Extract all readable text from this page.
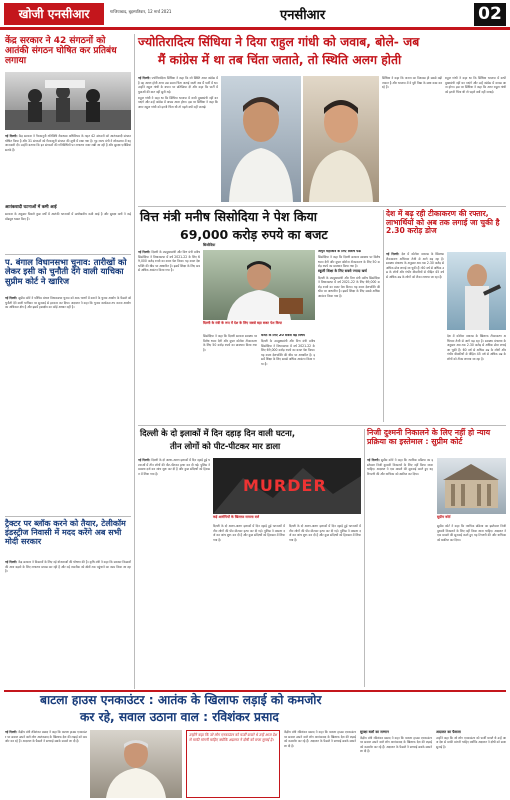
खोजी एनसीआर	गाजियाबाद, बृहस्पतिवार, 12 मार्च 2021	एनसीआर	02
केंद्र सरकार ने 42 संगठनों को आतंकी संगठन घोषित कर प्रतिबंध लगाया

नई दिल्ली। केंद्र सरकार ने गैरकानूनी गतिविधि रोकथाम अधिनियम के तहत 42 संगठनों को आतंकवादी संगठन घोषित किया है और 31 संगठनों को गैरकानूनी संगठन की सूची में रखा गया है। गृह राज्य मंत्री ने लोकसभा में यह जानकारी दी। उन्होंने बताया कि इन संगठनों की गतिविधियों पर लगातार नजर रखी जा रही है और सुरक्षा एजेंसियां सतर्क हैं।

आतंकवादी घटनाओं में कमी आई
सरकार के अनुसार पिछले कुछ वर्षों में आतंकी घटनाओं में उल्लेखनीय कमी आई है और सुरक्षा बलों ने कई मॉड्यूल ध्वस्त किए हैं।
प. बंगाल विधानसभा चुनाव: तारीखों को लेकर इसी को चुनौती देंगे वाली याचिका सुप्रीम कोर्ट ने खारिज

नई दिल्ली। सुप्रीम कोर्ट ने पश्चिम बंगाल विधानसभा चुनाव को आठ चरणों में कराने के चुनाव आयोग के फैसले को चुनौती देने वाली याचिका पर सुनवाई से इनकार कर दिया। अदालत ने कहा कि चुनाव कार्यक्रम तय करना आयोग का अधिकार क्षेत्र है और इसमें हस्तक्षेप का कोई आधार नहीं है।

ट्रैक्टर पर ब्लॉक करने को तैयार, टेलीकॉम इंडस्ट्रीज निवासी में मदद करेंगे अब सभी मोदी सरकार

नई दिल्ली। केंद्र सरकार ने किसानों के लिए नई योजनाओं की घोषणा की है। कृषि मंत्री ने कहा कि सरकार किसानों की आय बढ़ाने के लिए लगातार प्रयास कर रही है और नई तकनीक को खेतों तक पहुंचाने का काम किया जा रहा है।

ज्योतिरादित्य सिंधिया ने दिया राहुल गांधी को जवाब, बोले- जब
मैं कांग्रेस में था तब चिंता जताते, तो स्थिति अलग होती

नई दिल्ली। ज्योतिरादित्य सिंधिया ने कहा कि जो स्थिति आज कांग्रेस में है वह अलग होती अगर उस समय चिंता जताई जाती जब मैं पार्टी में था। उन्होंने राहुल गांधी के बयान पर प्रतिक्रिया दी और कहा कि पार्टी में युवाओं की बात नहीं सुनी गई।

राहुल गांधी ने कहा था कि सिंधिया भाजपा में कभी मुख्यमंत्री नहीं बन पाएंगे और उन्हें कांग्रेस में वापस आना होगा। इस पर सिंधिया ने कहा कि अगर राहुल गांधी को इतनी चिंता थी तो पहले क्यों नहीं जताई।

सिंधिया ने कहा कि जनता का विश्वास ही सबसे बड़ी ताकत है और भाजपा में वे पूरी निष्ठा के साथ काम कर रहे हैं।
राहुल गांधी ने कहा था कि सिंधिया भाजपा में कभी मुख्यमंत्री नहीं बन पाएंगे और उन्हें कांग्रेस में वापस आना होगा। इस पर सिंधिया ने कहा कि अगर राहुल गांधी को इतनी चिंता थी तो पहले क्यों नहीं जताई।
वित्त मंत्री मनीष सिसोदिया ने पेश किया
69,000 करोड़ रुपये का बजट

नई दिल्ली। दिल्ली के उपमुख्यमंत्री और वित्त मंत्री मनीष सिसोदिया ने विधानसभा में वर्ष 2021-22 के लिए 69,000 करोड़ रुपये का बजट पेश किया। यह बजट देशभक्ति की थीम पर आधारित है। इसमें शिक्षा के लिए सबसे अधिक आवंटन किया गया है।

सिसोदिया
दिल्ली के मंत्री के रूप में देश के लिए सबसे बड़ा बजट पेश किया
सिसोदिया ने कहा कि दिल्ली सरकार स्वास्थ्य पर विशेष ध्यान देगी और मुफ्त कोरोना टीकाकरण के लिए 50 करोड़ रुपये का प्रावधान किया गया है।

बजट के लिए 20 सबसे बड़े विषय

दिल्ली के उपमुख्यमंत्री और वित्त मंत्री मनीष सिसोदिया ने विधानसभा में वर्ष 2021-22 के लिए 69,000 करोड़ रुपये का बजट पेश किया। यह बजट देशभक्ति की थीम पर आधारित है। इसमें शिक्षा के लिए सबसे अधिक आवंटन किया गया है।

अमृत महोत्सव के लिए विशेष फंड

सिसोदिया ने कहा कि दिल्ली सरकार स्वास्थ्य पर विशेष ध्यान देगी और मुफ्त कोरोना टीकाकरण के लिए 50 करोड़ रुपये का प्रावधान किया गया है।

स्कूली शिक्षा के लिए सबसे ज्यादा खर्च

दिल्ली के उपमुख्यमंत्री और वित्त मंत्री मनीष सिसोदिया ने विधानसभा में वर्ष 2021-22 के लिए 69,000 करोड़ रुपये का बजट पेश किया। यह बजट देशभक्ति की थीम पर आधारित है। इसमें शिक्षा के लिए सबसे अधिक आवंटन किया गया है।

देश में बढ़ रही टीकाकरण की रफ्तार, लाभार्थियों को अब तक लगाई जा चुकी है 2.30 करोड़ डोज

नई दिल्ली। देश में कोरोना वायरस के खिलाफ टीकाकरण अभियान तेजी से आगे बढ़ रहा है। स्वास्थ्य मंत्रालय के अनुसार अब तक 2.30 करोड़ से अधिक डोज लगाई जा चुकी हैं। 60 वर्ष से अधिक उम्र के लोगों और गंभीर बीमारियों से पीड़ित 45 वर्ष से अधिक उम्र के लोगों को टीका लगाया जा रहा है।

देश में कोरोना वायरस के खिलाफ टीकाकरण अभियान तेजी से आगे बढ़ रहा है। स्वास्थ्य मंत्रालय के अनुसार अब तक 2.30 करोड़ से अधिक डोज लगाई जा चुकी हैं। 60 वर्ष से अधिक उम्र के लोगों और गंभीर बीमारियों से पीड़ित 45 वर्ष से अधिक उम्र के लोगों को टीका लगाया जा रहा है।
दिल्ली के दो इलाकों में दिन दहाड़ दिन वाली घटना,
तीन लोगों को पीट-पीटकर मार डाला

नई दिल्ली। दिल्ली के दो अलग-अलग इलाकों में दिन दहाड़े हुई घटनाओं में तीन लोगों की पीट-पीटकर हत्या कर दी गई। पुलिस ने मामला दर्ज कर जांच शुरू कर दी है और कुछ संदिग्धों को हिरासत में लिया गया है।

MURDER
कई आरोपियों के खिलाफ मामला दर्ज
दिल्ली के दो अलग-अलग इलाकों में दिन दहाड़े हुई घटनाओं में तीन लोगों की पीट-पीटकर हत्या कर दी गई। पुलिस ने मामला दर्ज कर जांच शुरू कर दी है और कुछ संदिग्धों को हिरासत में लिया गया है।
दिल्ली के दो अलग-अलग इलाकों में दिन दहाड़े हुई घटनाओं में तीन लोगों की पीट-पीटकर हत्या कर दी गई। पुलिस ने मामला दर्ज कर जांच शुरू कर दी है और कुछ संदिग्धों को हिरासत में लिया गया है।
निजी दुश्मनी निकालने के लिए नहीं हो न्याय प्रक्रिया का इस्तेमाल : सुप्रीम कोर्ट

नई दिल्ली। सुप्रीम कोर्ट ने कहा कि न्यायिक प्रक्रिया का इस्तेमाल निजी दुश्मनी निकालने के लिए नहीं किया जाना चाहिए। अदालत ने एक मामले की सुनवाई करते हुए यह टिप्पणी की और याचिका को खारिज कर दिया।

सुप्रीम कोर्ट
सुप्रीम कोर्ट ने कहा कि न्यायिक प्रक्रिया का इस्तेमाल निजी दुश्मनी निकालने के लिए नहीं किया जाना चाहिए। अदालत ने एक मामले की सुनवाई करते हुए यह टिप्पणी की और याचिका को खारिज कर दिया।
बाटला हाउस एनकाउंटर : आतंक के खिलाफ लड़ाई को कमजोर
कर रहे, सवाल उठाना वाल : रविशंकर प्रसाद

नई दिल्ली। केंद्रीय मंत्री रविशंकर प्रसाद ने कहा कि बाटला हाउस एनकाउंटर पर सवाल उठाने वाले लोग आतंकवाद के खिलाफ देश की लड़ाई को कमजोर कर रहे हैं। अदालत के फैसले ने सच्चाई सबके सामने ला दी है।

उन्होंने कहा कि जो लोग एनकाउंटर को फर्जी बताते थे उन्हें आज देश से माफी मांगनी चाहिए क्योंकि अदालत ने दोषी को सजा सुनाई है।
केंद्रीय मंत्री रविशंकर प्रसाद ने कहा कि बाटला हाउस एनकाउंटर पर सवाल उठाने वाले लोग आतंकवाद के खिलाफ देश की लड़ाई को कमजोर कर रहे हैं। अदालत के फैसले ने सच्चाई सबके सामने ला दी है।

सुरक्षा बलों का सम्मान

केंद्रीय मंत्री रविशंकर प्रसाद ने कहा कि बाटला हाउस एनकाउंटर पर सवाल उठाने वाले लोग आतंकवाद के खिलाफ देश की लड़ाई को कमजोर कर रहे हैं। अदालत के फैसले ने सच्चाई सबके सामने ला दी है।

अदालत का फैसला

उन्होंने कहा कि जो लोग एनकाउंटर को फर्जी बताते थे उन्हें आज देश से माफी मांगनी चाहिए क्योंकि अदालत ने दोषी को सजा सुनाई है।
